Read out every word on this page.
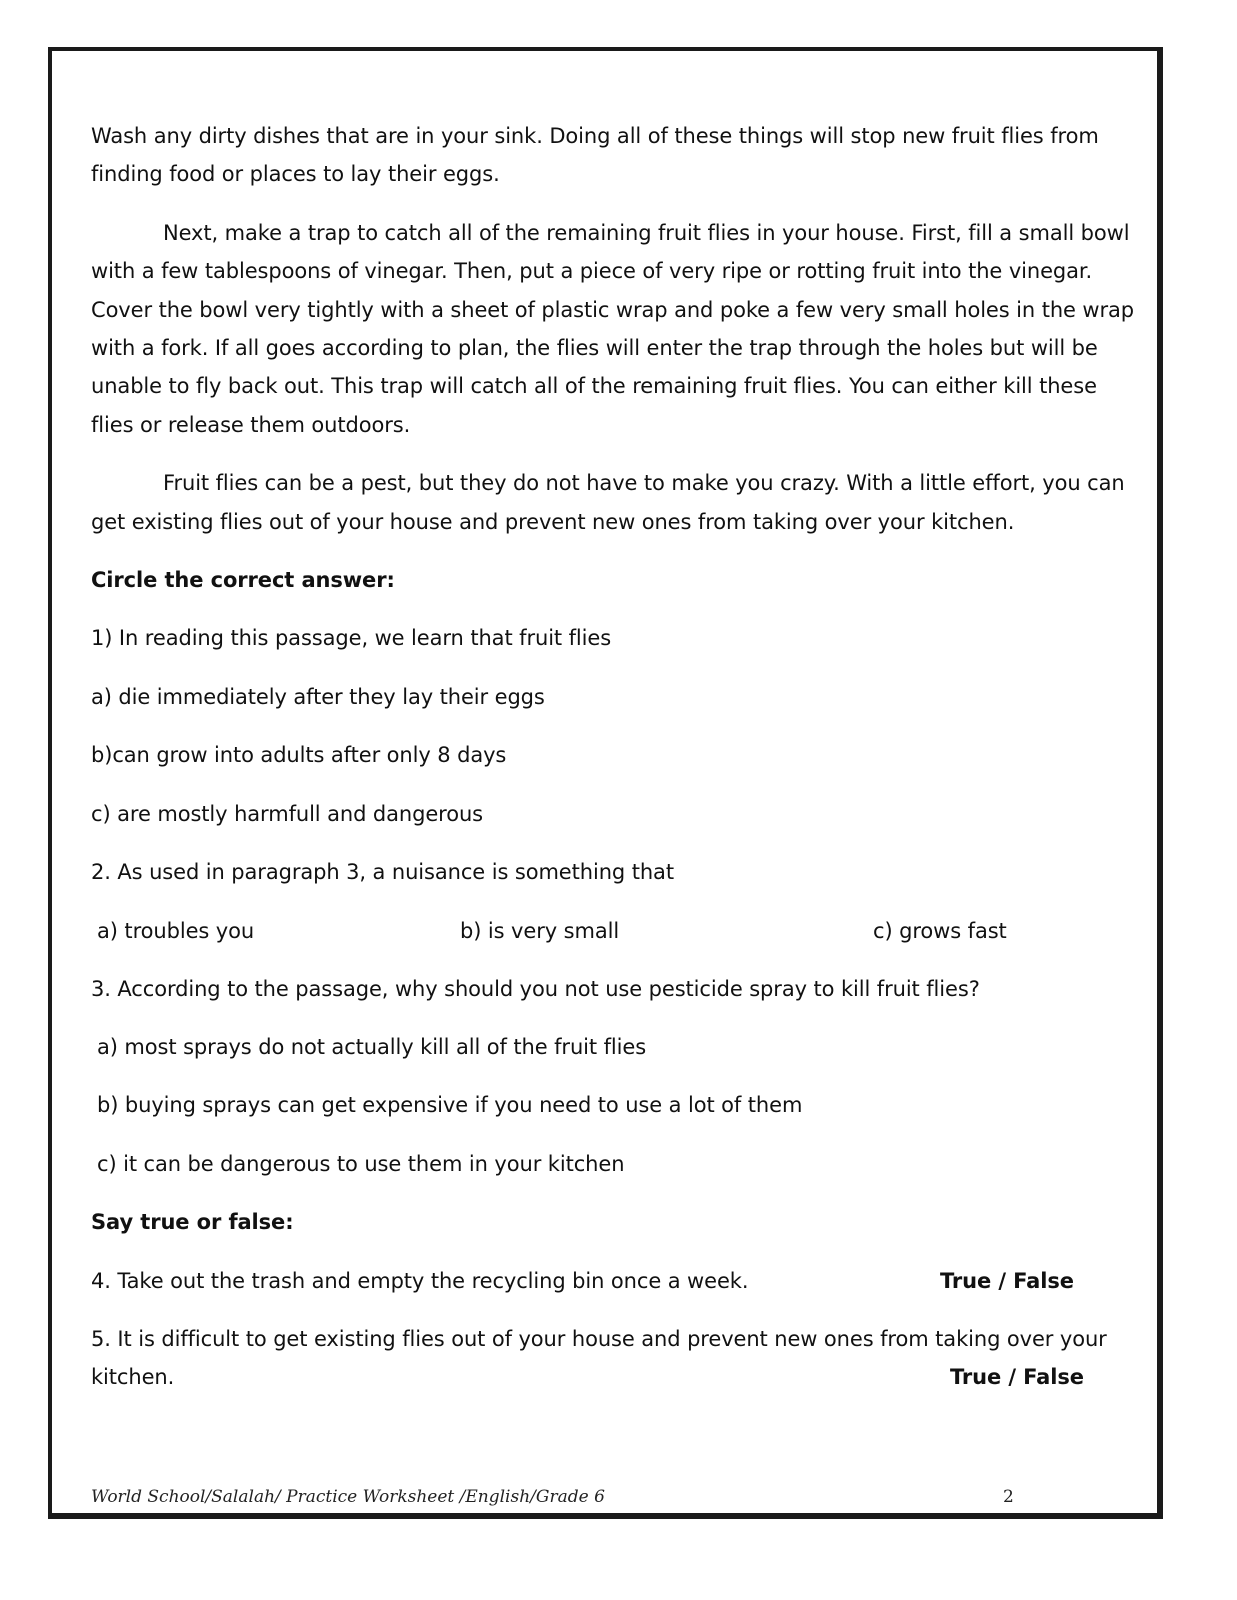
Wash any dirty dishes that are in your sink. Doing all of these things will stop new fruit flies from finding food or places to lay their eggs.

Next, make a trap to catch all of the remaining fruit flies in your house. First, fill a small bowl with a few tablespoons of vinegar. Then, put a piece of very ripe or rotting fruit into the vinegar. Cover the bowl very tightly with a sheet of plastic wrap and poke a few very small holes in the wrap with a fork. If all goes according to plan, the flies will enter the trap through the holes but will be unable to fly back out. This trap will catch all of the remaining fruit flies. You can either kill these flies or release them outdoors.

Fruit flies can be a pest, but they do not have to make you crazy. With a little effort, you can get existing flies out of your house and prevent new ones from taking over your kitchen.

Circle the correct answer:
1) In reading this passage, we learn that fruit flies
a) die immediately after they lay their eggs
b)can grow into adults after only 8 days
c) are mostly harmfull and dangerous
2. As used in paragraph 3, a nuisance is something that
a) troubles you	b) is very small	c) grows fast
3. According to the passage, why should you not use pesticide spray to kill fruit flies?
a) most sprays do not actually kill all of the fruit flies
b) buying sprays can get expensive if you need to use a lot of them
c) it can be dangerous to use them in your kitchen
Say true or false:
4. Take out the trash and empty the recycling bin once a week.	True / False
5. It is difficult to get existing flies out of your house and prevent new ones from taking over your kitchen.	True / False
World School/Salalah/ Practice Worksheet /English/Grade 6	2
